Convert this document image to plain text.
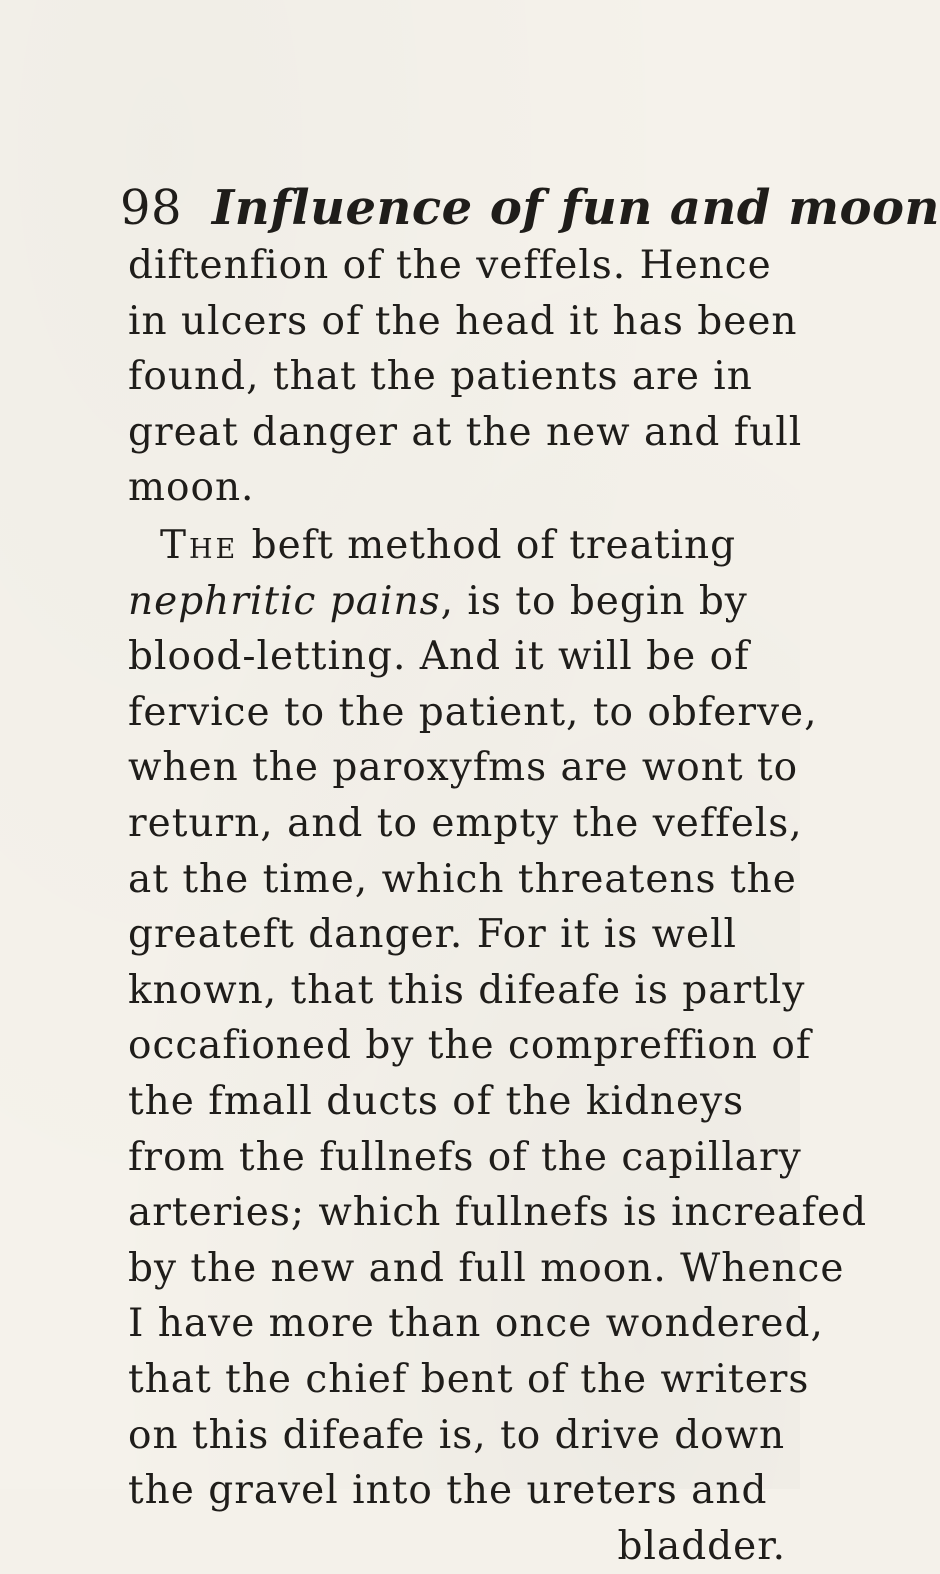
98 Influence of fun and moon
diftenfion of the veffels. Hence
in ulcers of the head it has been
found, that the patients are in
great danger at the new and full
moon.
The beft method of treating
nephritic pains, is to begin by
blood-letting. And it will be of
fervice to the patient, to obferve,
when the paroxyfms are wont to
return, and to empty the veffels,
at the time, which threatens the
greateft danger. For it is well
known, that this difeafe is partly
occafioned by the compreffion of
the fmall ducts of the kidneys
from the fullnefs of the capillary
arteries; which fullnefs is increafed
by the new and full moon. Whence
I have more than once wondered,
that the chief bent of the writers
on this difeafe is, to drive down
the gravel into the ureters and
bladder.
